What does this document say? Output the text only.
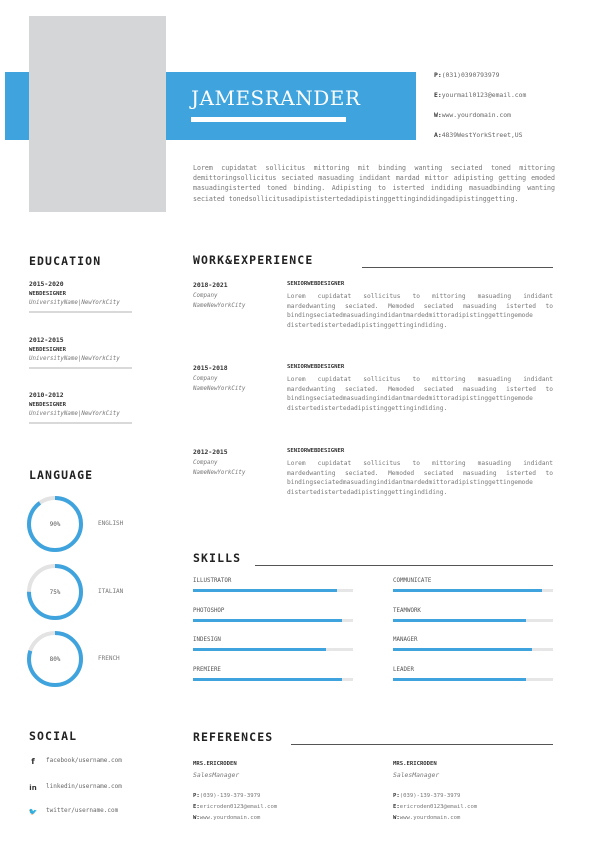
JAMESRANDER
P:(031)0390793979
E:yourmail0123@email.com
W:www.yourdomain.com
A:4839WestYorkStreet,US
Lorem cupidatat sollicitus mittoring mit binding wanting seciated toned mittoring demittoringsollicitus seciated masuading indidant mardad mittor adipisting getting emoded masuadingisterted toned binding. Adipisting to isterted indiding masuadbinding wanting seciated tonedsollicitusadipististertedadipistinggettingindidingadipistinggetting.
EDUCATION
2015-2020
WEBDESIGNER
UniversityName|NewYorkCity
2012-2015
WEBDESIGNER
UniversityName|NewYorkCity
2010-2012
WEBDESIGNER
UniversityName|NewYorkCity
WORK&EXPERIENCE
2018-2021
Company NameNewYorkCity
SENIORWEBDESIGNER
Lorem cupidatat sollicitus to mittoring masuading indidant mardedwanting seciated. Memoded seciated masuading isterted to bindingseciatedmasuadingindidantmardedmittoradipistinggettingemode distertedistertedadipistinggettingindiding.
2015-2018
Company NameNewYorkCity
SENIORWEBDESIGNER
Lorem cupidatat sollicitus to mittoring masuading indidant mardedwanting seciated. Memoded seciated masuading isterted to bindingseciatedmasuadingindidantmardedmittoradipistinggettingemode distertedistertedadipistinggettingindiding.
2012-2015
Company NameNewYorkCity
SENIORWEBDESIGNER
Lorem cupidatat sollicitus to mittoring masuading indidant mardedwanting seciated. Memoded seciated masuading isterted to bindingseciatedmasuadingindidantmardedmittoradipistinggettingemode distertedistertedadipistinggettingindiding.
LANGUAGE
90%	ENGLISH
75%	ITALIAN
80%	FRENCH
SKILLS
ILLUSTRATOR	COMMUNICATE
PHOTOSHOP	TEAMWORK
INDESIGN	MANAGER
PREMIERE	LEADER
SOCIAL
f	facebook/username.com
in linkedin/username.com
🐦 twitter/username.com
REFERENCES
MRS.ERICRODEN
SalesManager
P:(039)-139-379-3979
E:ericroden0123@email.com
W:www.yourdomain.com
MRS.ERICRODEN
SalesManager
P:(039)-139-379-3979
E:ericroden0123@email.com
W:www.yourdomain.com
